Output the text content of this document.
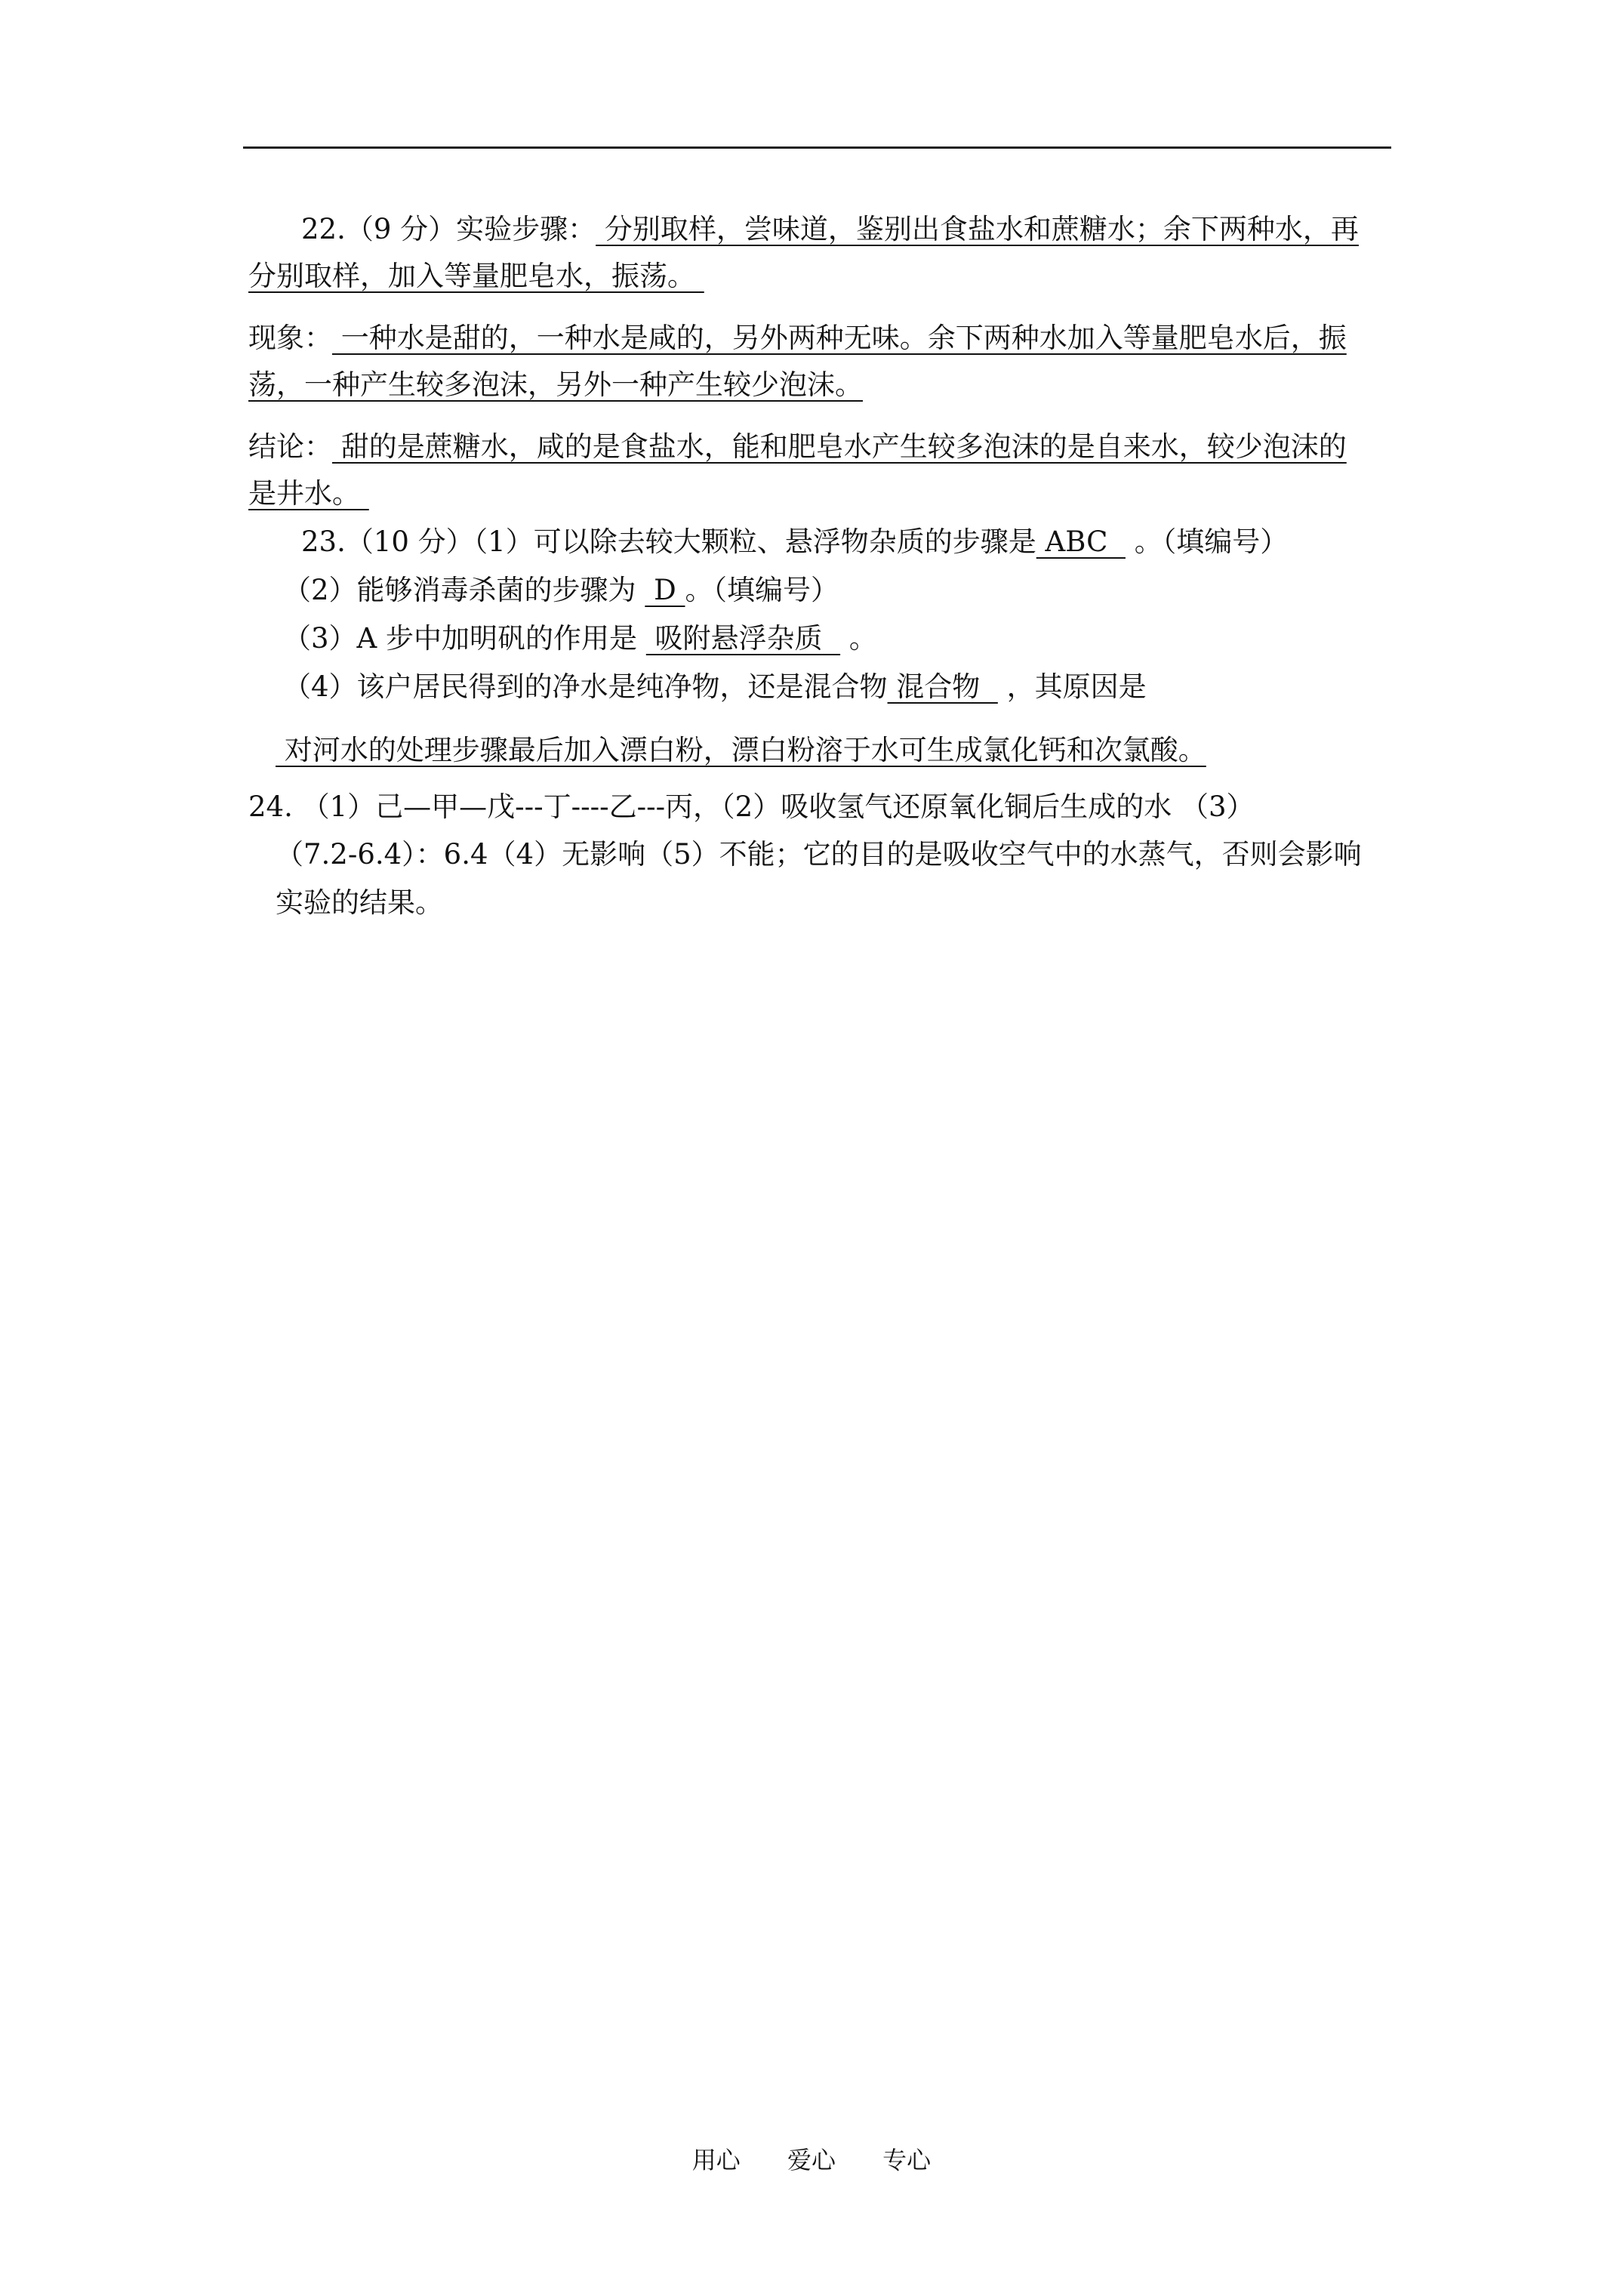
22.（9 分）实验步骤： 分别取样，尝味道，鉴别出食盐水和蔗糖水；余下两种水，再
分别取样，加入等量肥皂水，振荡。
现象： 一种水是甜的，一种水是咸的，另外两种无味。余下两种水加入等量肥皂水后，振
荡，一种产生较多泡沫，另外一种产生较少泡沫。
结论： 甜的是蔗糖水，咸的是食盐水，能和肥皂水产生较多泡沫的是自来水，较少泡沫的
是井水。
23.（10 分）（1）可以除去较大颗粒、悬浮物杂质的步骤是 ABC   。（填编号）
（2）能够消毒杀菌的步骤为  D 。（填编号）
（3）A 步中加明矾的作用是  吸附悬浮杂质   。
（4）该户居民得到的净水是纯净物，还是混合物 混合物   ，其原因是
对河水的处理步骤最后加入漂白粉，漂白粉溶于水可生成氯化钙和次氯酸。
24. （1）己—甲—戊---丁----乙---丙，（2）吸收氢气还原氧化铜后生成的水 （3）
（7.2-6.4）：6.4（4）无影响（5）不能；它的目的是吸收空气中的水蒸气，否则会影响
实验的结果。
用心 爱心 专心
